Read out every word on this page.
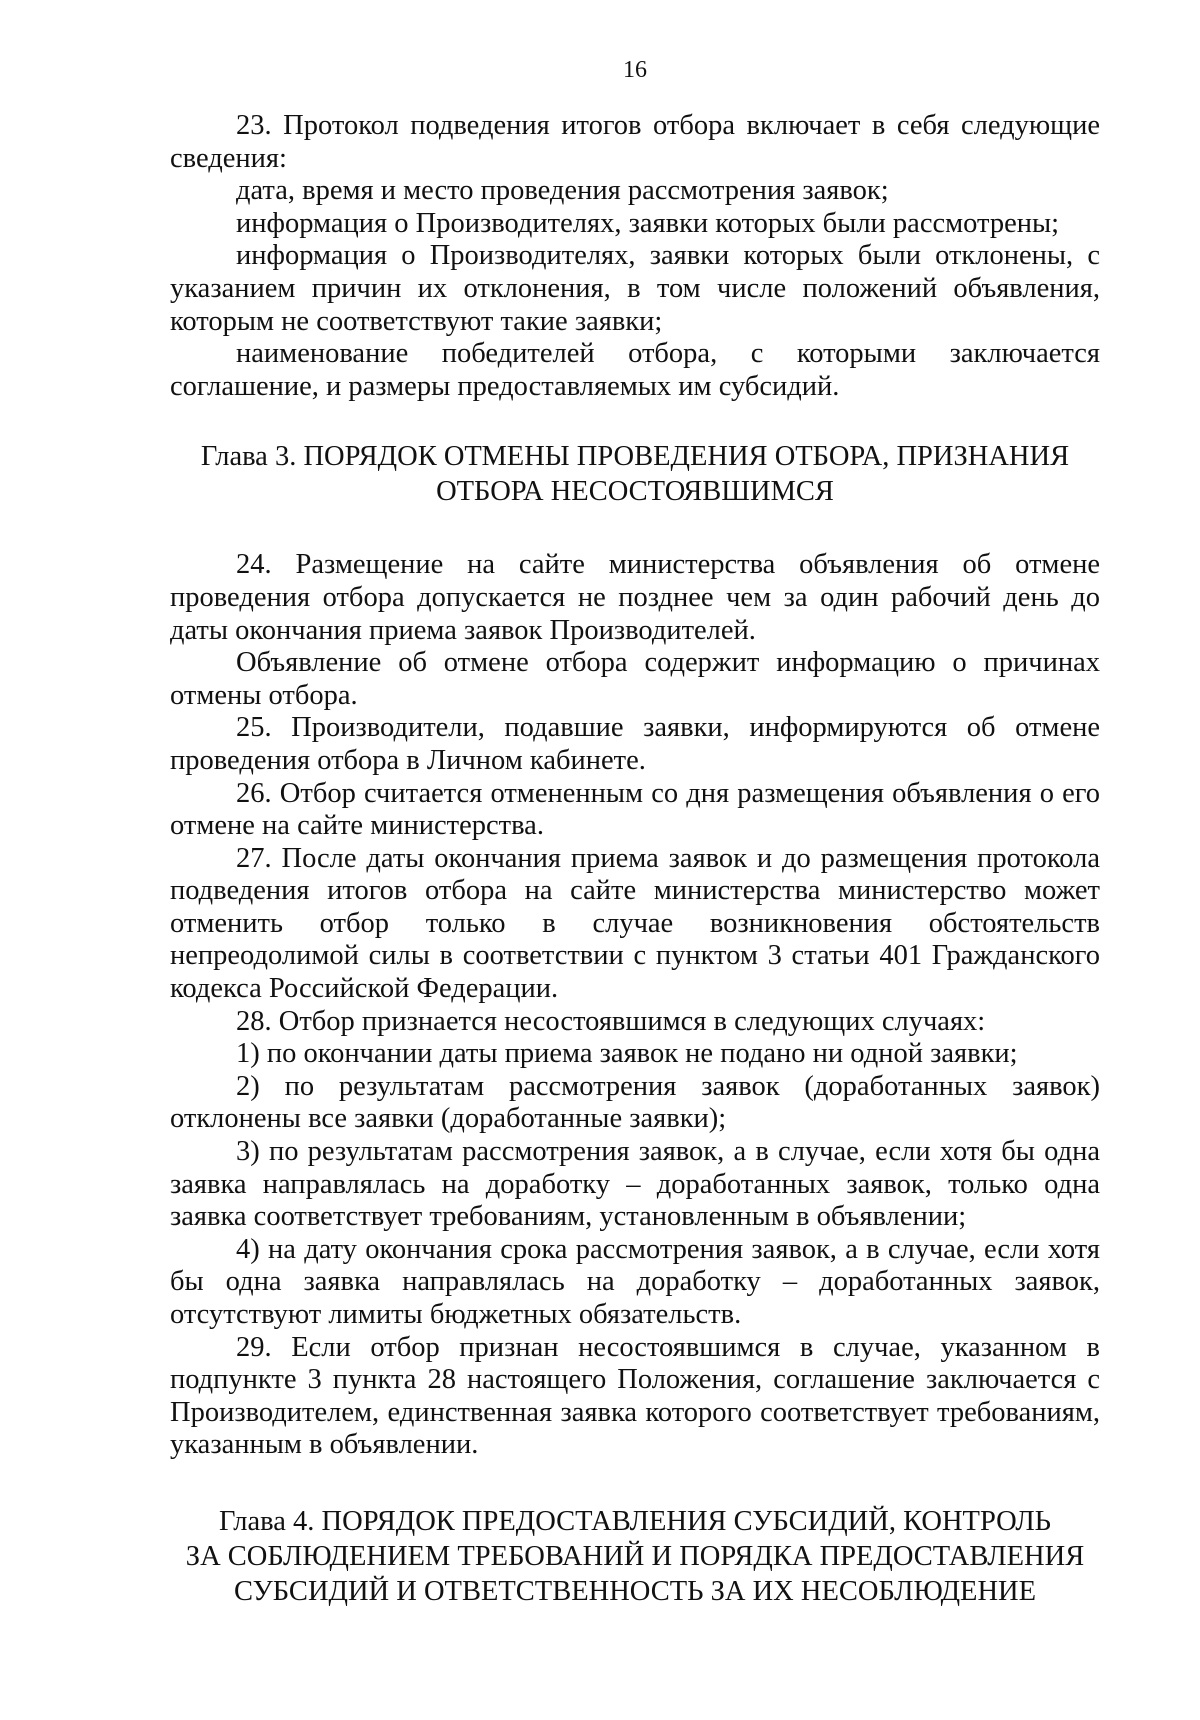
16

23. Протокол подведения итогов отбора включает в себя следующие сведения:

дата, время и место проведения рассмотрения заявок;

информация о Производителях, заявки которых были рассмотрены;

информация о Производителях, заявки которых были отклонены, с указанием причин их отклонения, в том числе положений объявления, которым не соответствуют такие заявки;

наименование победителей отбора, с которыми заключается соглашение, и размеры предоставляемых им субсидий.

Глава 3. ПОРЯДОК ОТМЕНЫ ПРОВЕДЕНИЯ ОТБОРА, ПРИЗНАНИЯ
ОТБОРА НЕСОСТОЯВШИМСЯ

24. Размещение на сайте министерства объявления об отмене проведения отбора допускается не позднее чем за один рабочий день до даты окончания приема заявок Производителей.

Объявление об отмене отбора содержит информацию о причинах отмены отбора.

25. Производители, подавшие заявки, информируются об отмене проведения отбора в Личном кабинете.

26. Отбор считается отмененным со дня размещения объявления о его отмене на сайте министерства.

27. После даты окончания приема заявок и до размещения протокола подведения итогов отбора на сайте министерства министерство может отменить отбор только в случае возникновения обстоятельств непреодолимой силы в соответствии с пунктом 3 статьи 401 Гражданского кодекса Российской Федерации.

28. Отбор признается несостоявшимся в следующих случаях:

1) по окончании даты приема заявок не подано ни одной заявки;

2) по результатам рассмотрения заявок (доработанных заявок) отклонены все заявки (доработанные заявки);

3) по результатам рассмотрения заявок, а в случае, если хотя бы одна заявка направлялась на доработку – доработанных заявок, только одна заявка соответствует требованиям, установленным в объявлении;

4) на дату окончания срока рассмотрения заявок, а в случае, если хотя бы одна заявка направлялась на доработку – доработанных заявок, отсутствуют лимиты бюджетных обязательств.

29. Если отбор признан несостоявшимся в случае, указанном в подпункте 3 пункта 28 настоящего Положения, соглашение заключается с Производителем, единственная заявка которого соответствует требованиям, указанным в объявлении.

Глава 4. ПОРЯДОК ПРЕДОСТАВЛЕНИЯ СУБСИДИЙ, КОНТРОЛЬ
ЗА СОБЛЮДЕНИЕМ ТРЕБОВАНИЙ И ПОРЯДКА ПРЕДОСТАВЛЕНИЯ
СУБСИДИЙ И ОТВЕТСТВЕННОСТЬ ЗА ИХ НЕСОБЛЮДЕНИЕ
